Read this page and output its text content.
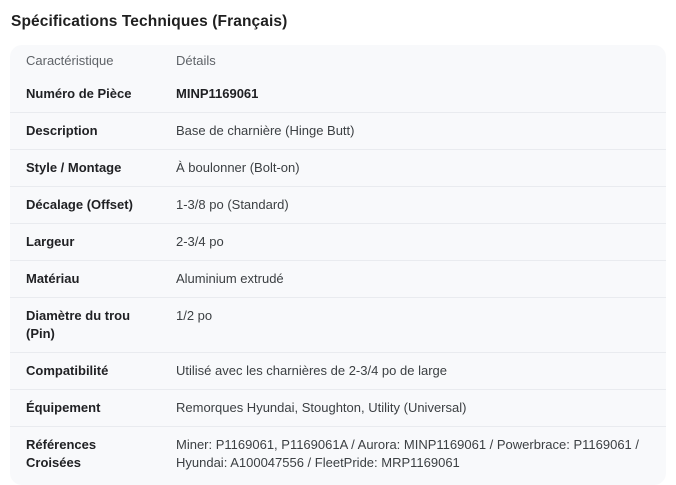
Spécifications Techniques (Français)
Caractéristique	Détails
Numéro de Pièce	MINP1169061
Description	Base de charnière (Hinge Butt)
Style / Montage	À boulonner (Bolt-on)
Décalage (Offset)	1-3/8 po (Standard)
Largeur	2-3/4 po
Matériau	Aluminium extrudé
Diamètre du trou (Pin)	1/2 po
Compatibilité	Utilisé avec les charnières de 2-3/4 po de large
Équipement	Remorques Hyundai, Stoughton, Utility (Universal)
Références Croisées	Miner: P1169061, P1169061A / Aurora: MINP1169061 / Powerbrace: P1169061 / Hyundai: A100047556 / FleetPride: MRP1169061
